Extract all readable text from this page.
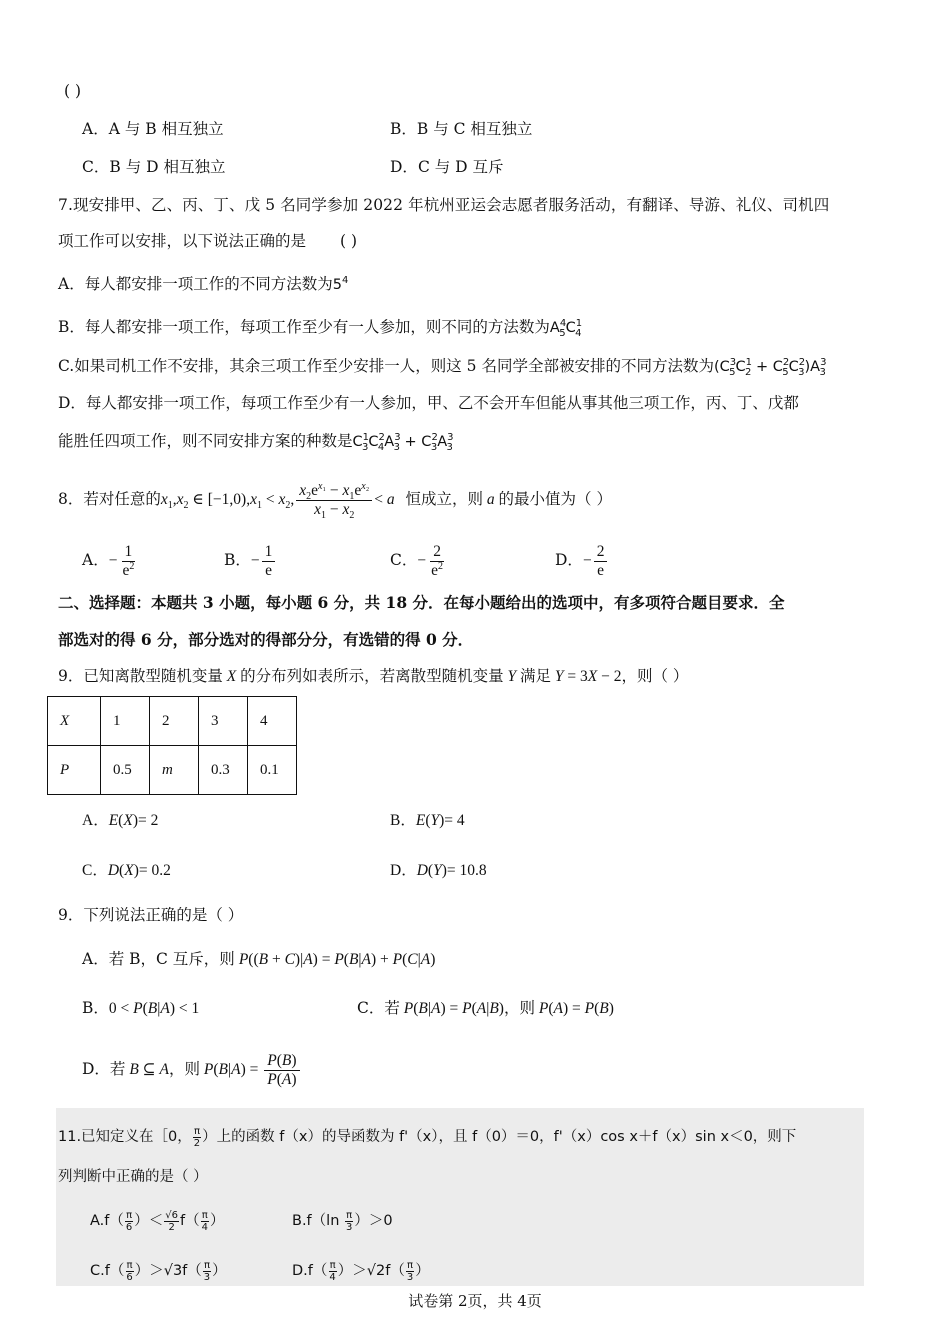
( )
A．A 与 B 相互独立	B．B 与 C 相互独立
C．B 与 D 相互独立	D．C 与 D 互斥
7.现安排甲、乙、丙、丁、戊 5 名同学参加 2022 年杭州亚运会志愿者服务活动，有翻译、导游、礼仪、司机四
项工作可以安排，以下说法正确的是 ( )
A．每人都安排一项工作的不同方法数为$5^4$
B．每人都安排一项工作，每项工作至少有一人参加，则不同的方法数为$A^4_5C^1_4$
C.如果司机工作不安排，其余三项工作至少安排一人，则这 5 名同学全部被安排的不同方法数为$(C^3_5C^1_2 + C^2_5C^2_3)A^3_3$
D．每人都安排一项工作，每项工作至少有一人参加，甲、乙不会开车但能从事其他三项工作，丙、丁、戊都
能胜任四项工作，则不同安排方案的种数是$C^1_3C^2_4A^3_3 + C^2_3A^3_3$
8．若对任意的$x_1,x_2$ ∈ $[-1,0),x_1 < x_2$, $\frac{x_2e^{x_1} - x_1e^{x_2}}{x_1 - x_2} < a$ 恒成立，则 a 的最小值为（ ）
A．− $\frac{1}{e^2}$	B．− $\frac{1}{e}$	C．− $\frac{2}{e^2}$	D．− $\frac{2}{e}$
二、选择题：本题共 3 小题，每小题 6 分，共 18 分．在每小题给出的选项中，有多项符合题目要求．全
部选对的得 6 分，部分选对的得部分分，有选错的得 0 分．
9．已知离散型随机变量 X 的分布列如表所示，若离散型随机变量 Y 满足 Y = 3X − 2，则（ ）
X	1	2	3	4
P	0.5	m	0.3	0.1
A．E(X)= 2	B．E(Y)= 4
C．D(X)= 0.2	D．D(Y)= 10.8
9．下列说法正确的是（ ）
A．若 B，C 互斥，则 P((B + C)|A) = P(B|A) + P(C|A)
B．0 < P(B|A) < 1	C．若 P(B|A) = P(A|B)，则 P(A) = P(B)
D．若 B ⊆ A，则 $P(B|A) = \frac{P(B)}{P(A)}$
11.已知定义在［0， $\frac{\pi}{2}$ ）上的函数 f（x）的导函数为 f'（x），且 f（0）＝0，f'（x）cos x＋f（x）sin x＜0，则下
列判断中正确的是（ ）
$A.f( \frac{\pi}{6}$ ）＜ $\frac{√6}{2} f( \frac{\pi}{4}$ ）	$B.f(\ln \frac{\pi}{3} )>0$
$C.f( \frac{\pi}{6} )>√3f( \frac{\pi}{3}$ ）	$D.f( \frac{\pi}{4} )>√2f( \frac{\pi}{3}$ ）
试卷第 2页，共 4页
